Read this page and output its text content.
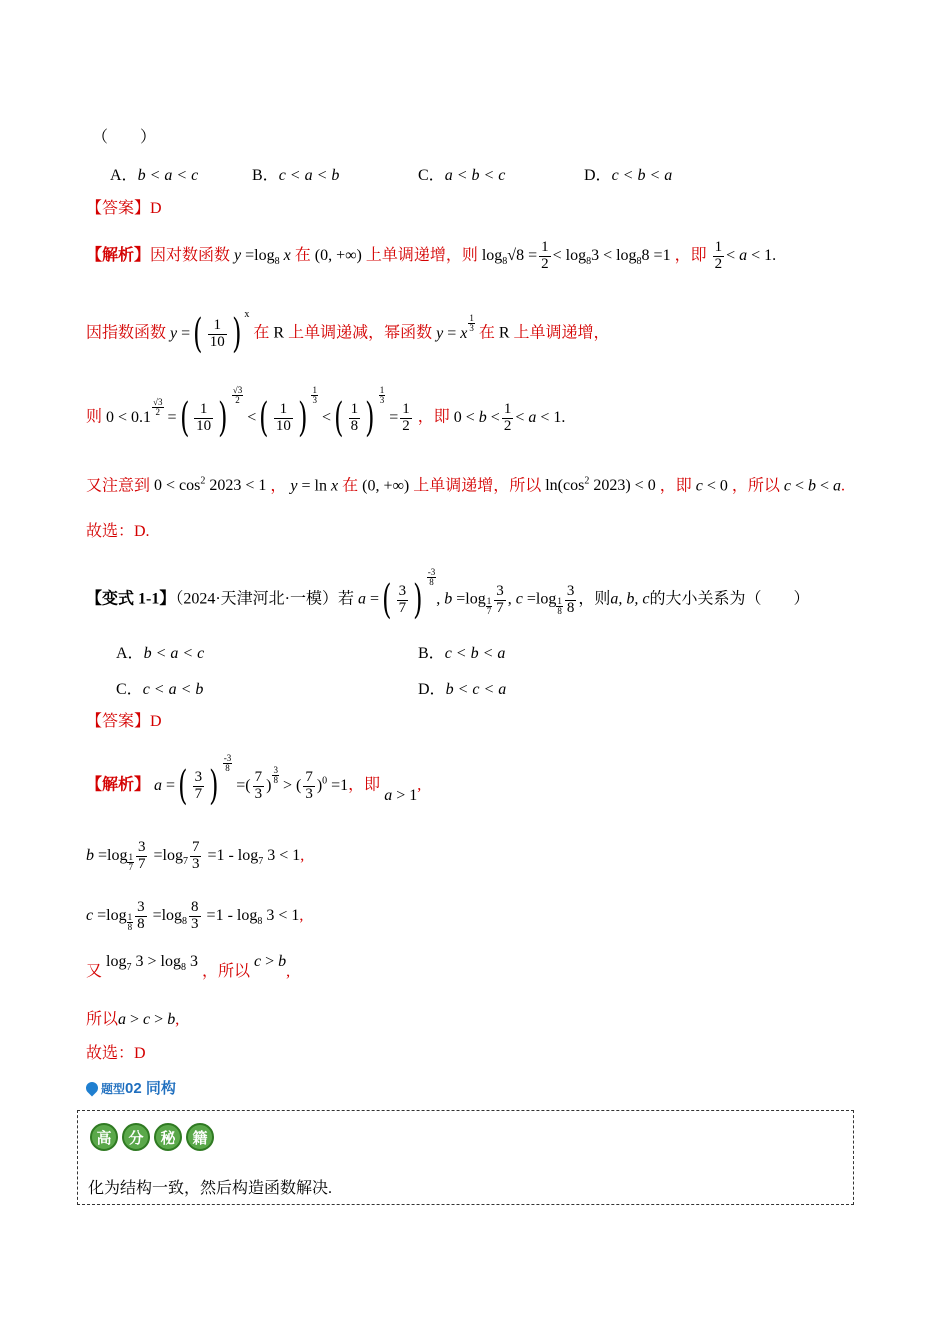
（　　）
A．b < a < c	B．c < a < b	C．a < b < c	D．c < b < a
【答案】D
【解析】因对数函数 $y =\log_8$ x 在 (0, +∞) 上单调递增，则 $\log_8√8 = \frac{1}{2} < \log_83 < \log_88 =1$ ，即 $\frac{1}{2} < a < 1$.
因指数函数 y =( $\frac{1}{10}$ ) $^x$ 在 R 上单调递减，幂函数 y = x $\frac{1}{3}$ 在 R 上单调递增，
则 $0 < 0.1 \frac{√3}{2}$ =( $\frac{1}{10}$ ) $\frac{√3}{2}$
<( $\frac{1}{10}$ ) $\frac{1}{3}$
<( $\frac{1}{8}$ ) $\frac{1}{3}$
= $\frac{1}{2}$ ，即 $0 < b < \frac{1}{2} < a < 1$.
又注意到 $0 < \cos^2 2023 < 1$ ， y = ln x 在 (0, +∞) 上单调递增，所以 $\ln(\cos^2$ 2023) < 0 ，即 c < 0 ，所以 c < b < a.
故选：D.
【变式 1-1】（2024·天津河北·一模）若 a =( $\frac{3}{7}$ ) $\frac{-3}{8}$
, $b =\log \frac{1}{7} \frac{3}{7}$ , $c =\log \frac{1}{8} \frac{3}{8}$ ，则a, b, c的大小关系为（　　）
A．b < a < c	B．c < b < a
C．c < a < b	D．b < c < a
【答案】D
【解析】 a =( $\frac{3}{7}$ ) $\frac{-3}{8}$
=( $\frac{7}{3}$ ) $\frac{3}{8}$ > ( $\frac{7}{3} )^0 =1$，即 a > 1,
$b =\log \frac{1}{7} \frac{3}{7} =\log_7 \frac{7}{3} =1 - \log_7 3 < 1$,
$c =\log \frac{1}{8} \frac{3}{8} =\log_8 \frac{8}{3} =1 - \log_8 3 < 1$,
又 $\log_7 3 > \log_8 3$ ，所以 c > b,
所以a > c > b,
故选：D
题型02 同构
高	分	秘	籍
化为结构一致，然后构造函数解决.
